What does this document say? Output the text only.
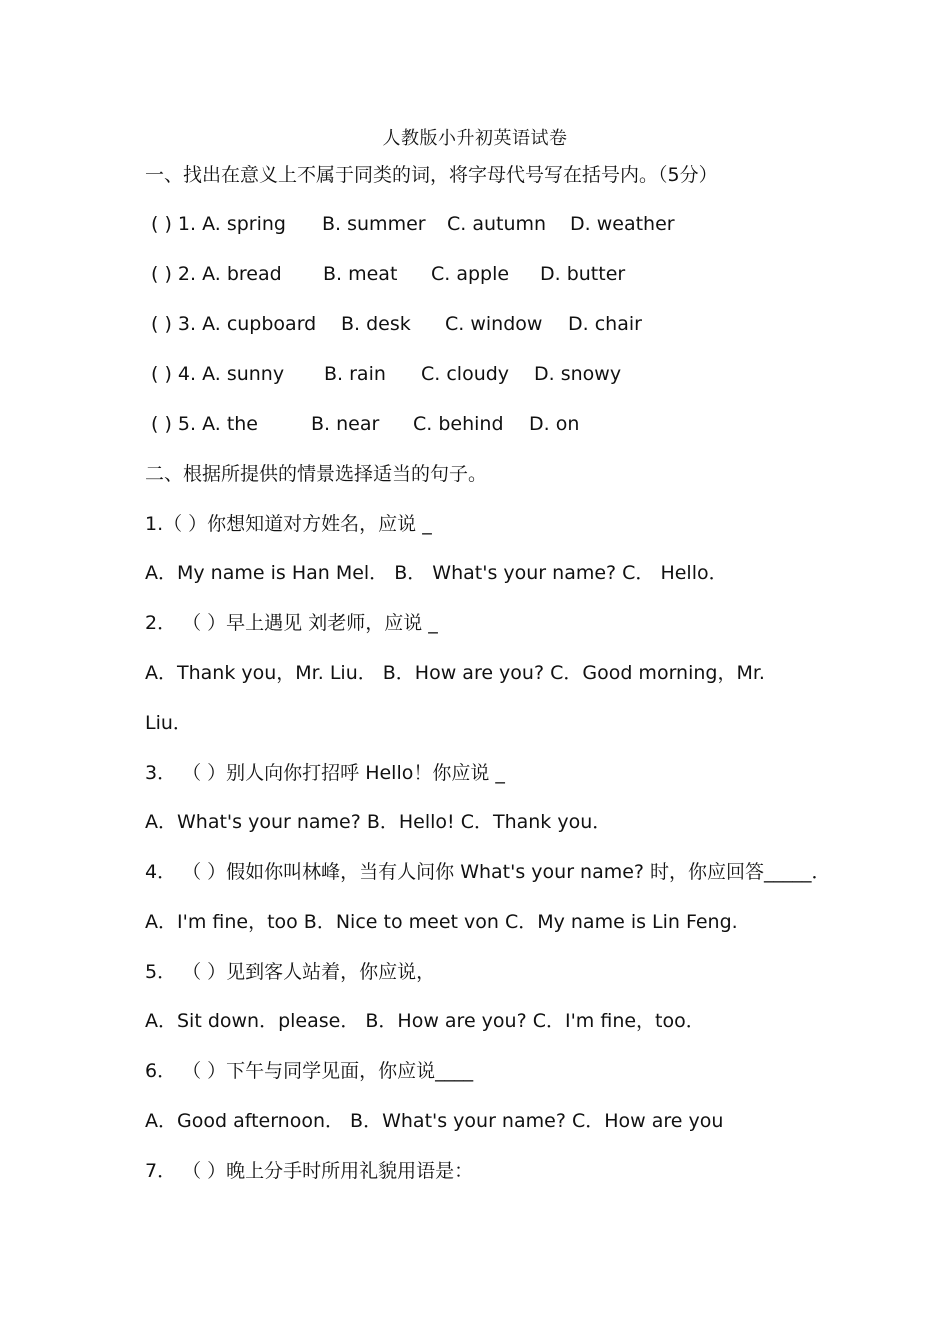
人教版小升初英语试卷
一、找出在意义上不属于同类的词，将字母代号写在括号内。（5分）
( ) 1. A. spring B. summer C. autumn D. weather
( ) 2. A. bread B. meat C. apple D. butter
( ) 3. A. cupboard B. desk C. window D. chair
( ) 4. A. sunny B. rain C. cloudy D. snowy
( ) 5. A. the	B. near C. behind D. on
二、根据所提供的情景选择适当的句子。
1.（ ）你想知道对方姓名，应说 _
A．My name is Han Mel． B． What's your name? C． Hello．
2． （ ）早上遇见 刘老师，应说 _
A．Thank you，Mr. Liu． B．How are you? C．Good morning，Mr.
Liu．
3． （ ）别人向你打招呼 Hello！你应说 _
A．What's your name? B．Hello! C．Thank you．
4． （ ）假如你叫林峰，当有人问你 What's your name? 时，你应回答_____．
A．I'm fine，too B．Nice to meet von C．My name is Lin Feng.
5． （ ）见到客人站着，你应说，
A．Sit down．please． B．How are you? C．I'm fine，too．
6． （ ）下午与同学见面，你应说____
A．Good afternoon． B．What's your name? C．How are you
7． （ ）晚上分手时所用礼貌用语是：
